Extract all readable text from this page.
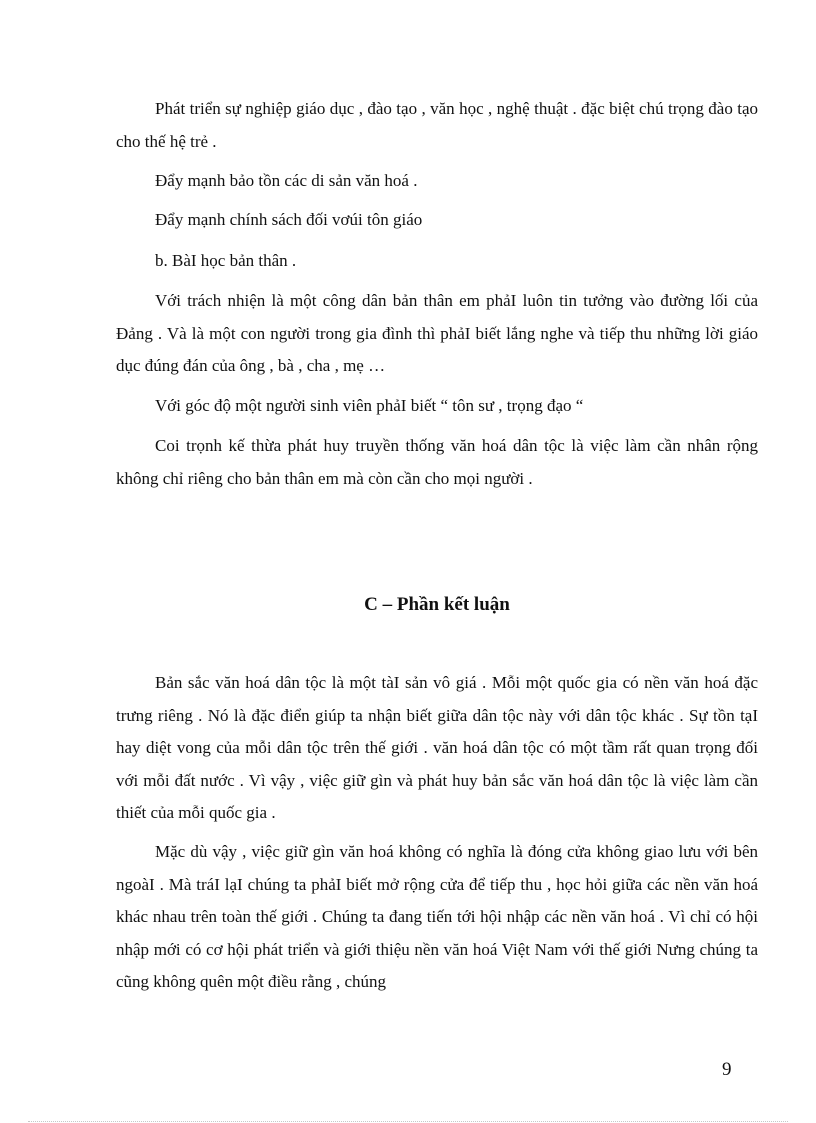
Phát triển sự nghiệp giáo dục , đào tạo , văn học , nghệ thuật . đặc biệt chú trọng đào tạo cho thế hệ trẻ .

Đẩy mạnh bảo tồn các di sản văn hoá .

Đẩy mạnh chính sách đối vơúi tôn giáo

b. BàI học bản thân .

Với trách nhiện là một công dân bản thân em phảI luôn tin tưởng vào đường lối của Đảng . Và là một con người trong gia đình thì phảI biết lắng nghe và tiếp thu những lời giáo dục đúng đán của ông , bà , cha , mẹ …

Với góc độ một người sinh viên phảI biết “ tôn sư , trọng đạo “

Coi trọnh kế thừa phát huy truyền thống văn hoá dân tộc là việc làm cần nhân rộng không chỉ riêng cho bản thân em mà còn cần cho mọi người .

C – Phần kết luận

Bản sắc văn hoá dân tộc là một tàI sản vô giá . Mỗi một quốc gia có nền văn hoá đặc trưng riêng . Nó là đặc điển giúp ta nhận biết giữa dân tộc này với dân tộc khác . Sự tồn tạI hay diệt vong của mỗi dân tộc trên thế giới . văn hoá dân tộc có một tầm rất quan trọng đối với mỗi đất nước . Vì vậy , việc giữ gìn và phát huy bản sắc văn hoá dân tộc là việc làm cần thiết của mỗi quốc gia .

Mặc dù vậy , việc giữ gìn văn hoá không có nghĩa là đóng cửa không giao lưu với bên ngoàI . Mà tráI lạI chúng ta phảI biết mở rộng cửa để tiếp thu , học hỏi giữa các nền văn hoá khác nhau trên toàn thế giới . Chúng ta đang tiến tới hội nhập các nền văn hoá . Vì chỉ có hội nhập mới có cơ hội phát triển và giới thiệu nền văn hoá Việt Nam với thế giới Nưng chúng ta cũng không quên một điều rằng , chúng

9
